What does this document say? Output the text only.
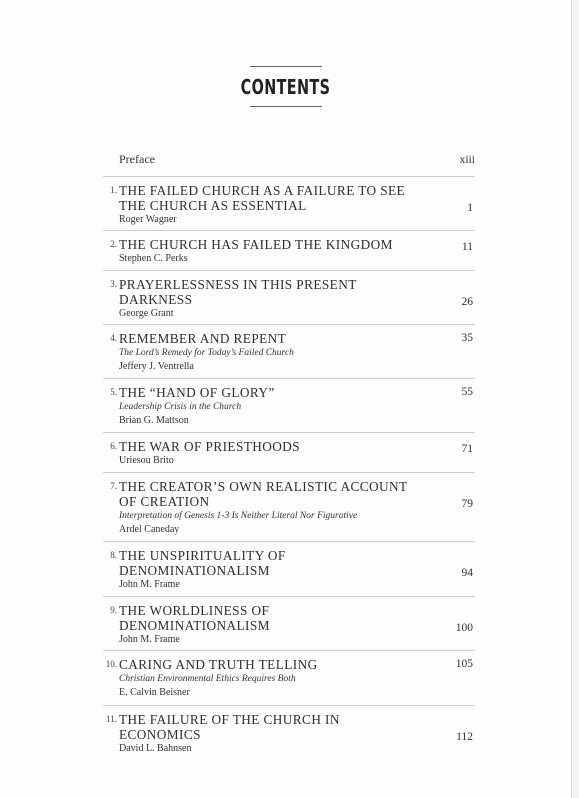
CONTENTS
Preface	xiii
1. THE FAILED CHURCH AS A FAILURE TO SEE
THE CHURCH AS ESSENTIAL
Roger Wagner
1
2. THE CHURCH HAS FAILED THE KINGDOM
Stephen C. Perks
11
3. PRAYERLESSNESS IN THIS PRESENT
DARKNESS
George Grant
26
4. REMEMBER AND REPENT
The Lord’s Remedy for Today’s Failed Church
Jeffery J. Ventrella
35
5. THE “HAND OF GLORY”
Leadership Crisis in the Church
Brian G. Mattson
55
6. THE WAR OF PRIESTHOODS
Uriesou Brito
71
7. THE CREATOR’S OWN REALISTIC ACCOUNT
OF CREATION
Interpretation of Genesis 1-3 Is Neither Literal Nor Figurative
Ardel Caneday
79
8. THE UNSPIRITUALITY OF
DENOMINATIONALISM
John M. Frame
94
9. THE WORLDLINESS OF
DENOMINATIONALISM
John M. Frame
100
10. CARING AND TRUTH TELLING
Christian Environmental Ethics Requires Both
E. Calvin Beisner
105
11. THE FAILURE OF THE CHURCH IN
ECONOMICS
David L. Bahnsen
112
